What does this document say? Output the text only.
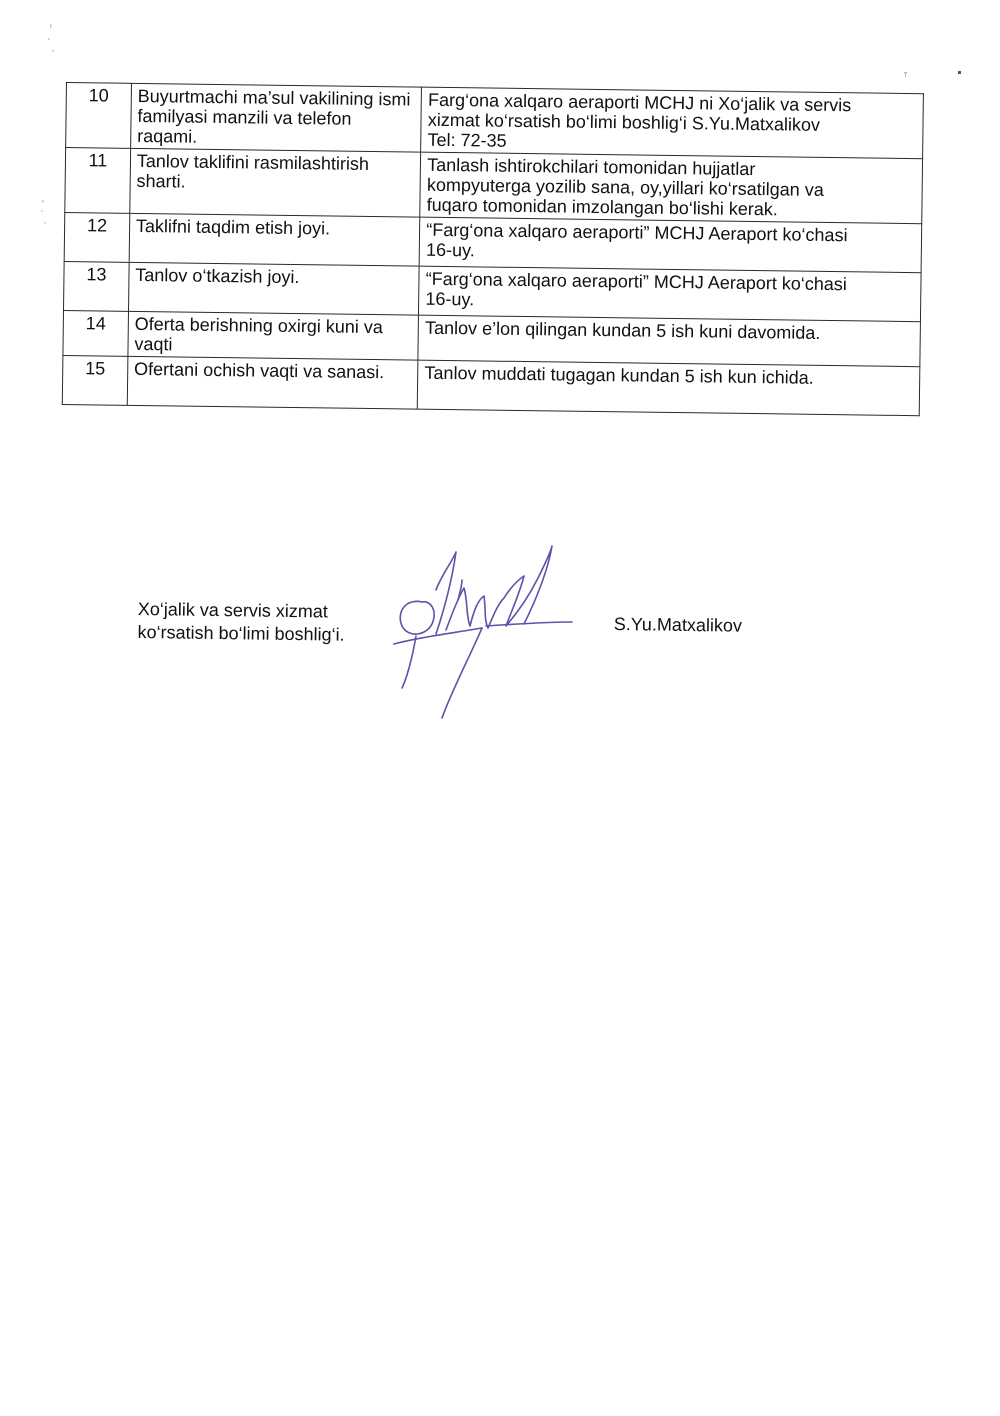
10	Buyurtmachi ma’sul vakilining ismi familyasi manzili va telefon raqami.	Farg‘ona xalqaro aeraporti MCHJ ni Xo‘jalik va servis
xizmat ko‘rsatish bo‘limi boshlig‘i S.Yu.Matxalikov
Tel: 72-35

11	Tanlov taklifini rasmilashtirish sharti.	Tanlash ishtirokchilari tomonidan hujjatlar
kompyuterga yozilib sana, oy,yillari ko‘rsatilgan va
fuqaro tomonidan imzolangan bo‘lishi kerak.

12	Taklifni taqdim etish joyi.	“Farg‘ona xalqaro aeraporti” MCHJ Aeraport ko‘chasi
16-uy.

13	Tanlov o‘tkazish joyi.	“Farg‘ona xalqaro aeraporti” MCHJ Aeraport ko‘chasi
16-uy.

14	Oferta berishning oxirgi kuni va vaqti	Tanlov e’lon qilingan kundan 5 ish kuni davomida.

15	Ofertani ochish vaqti va sanasi.	Tanlov muddati tugagan kundan 5 ish kun ichida.
Xo‘jalik va servis xizmat
ko‘rsatish bo‘limi boshlig‘i.	S.Yu.Matxalikov
